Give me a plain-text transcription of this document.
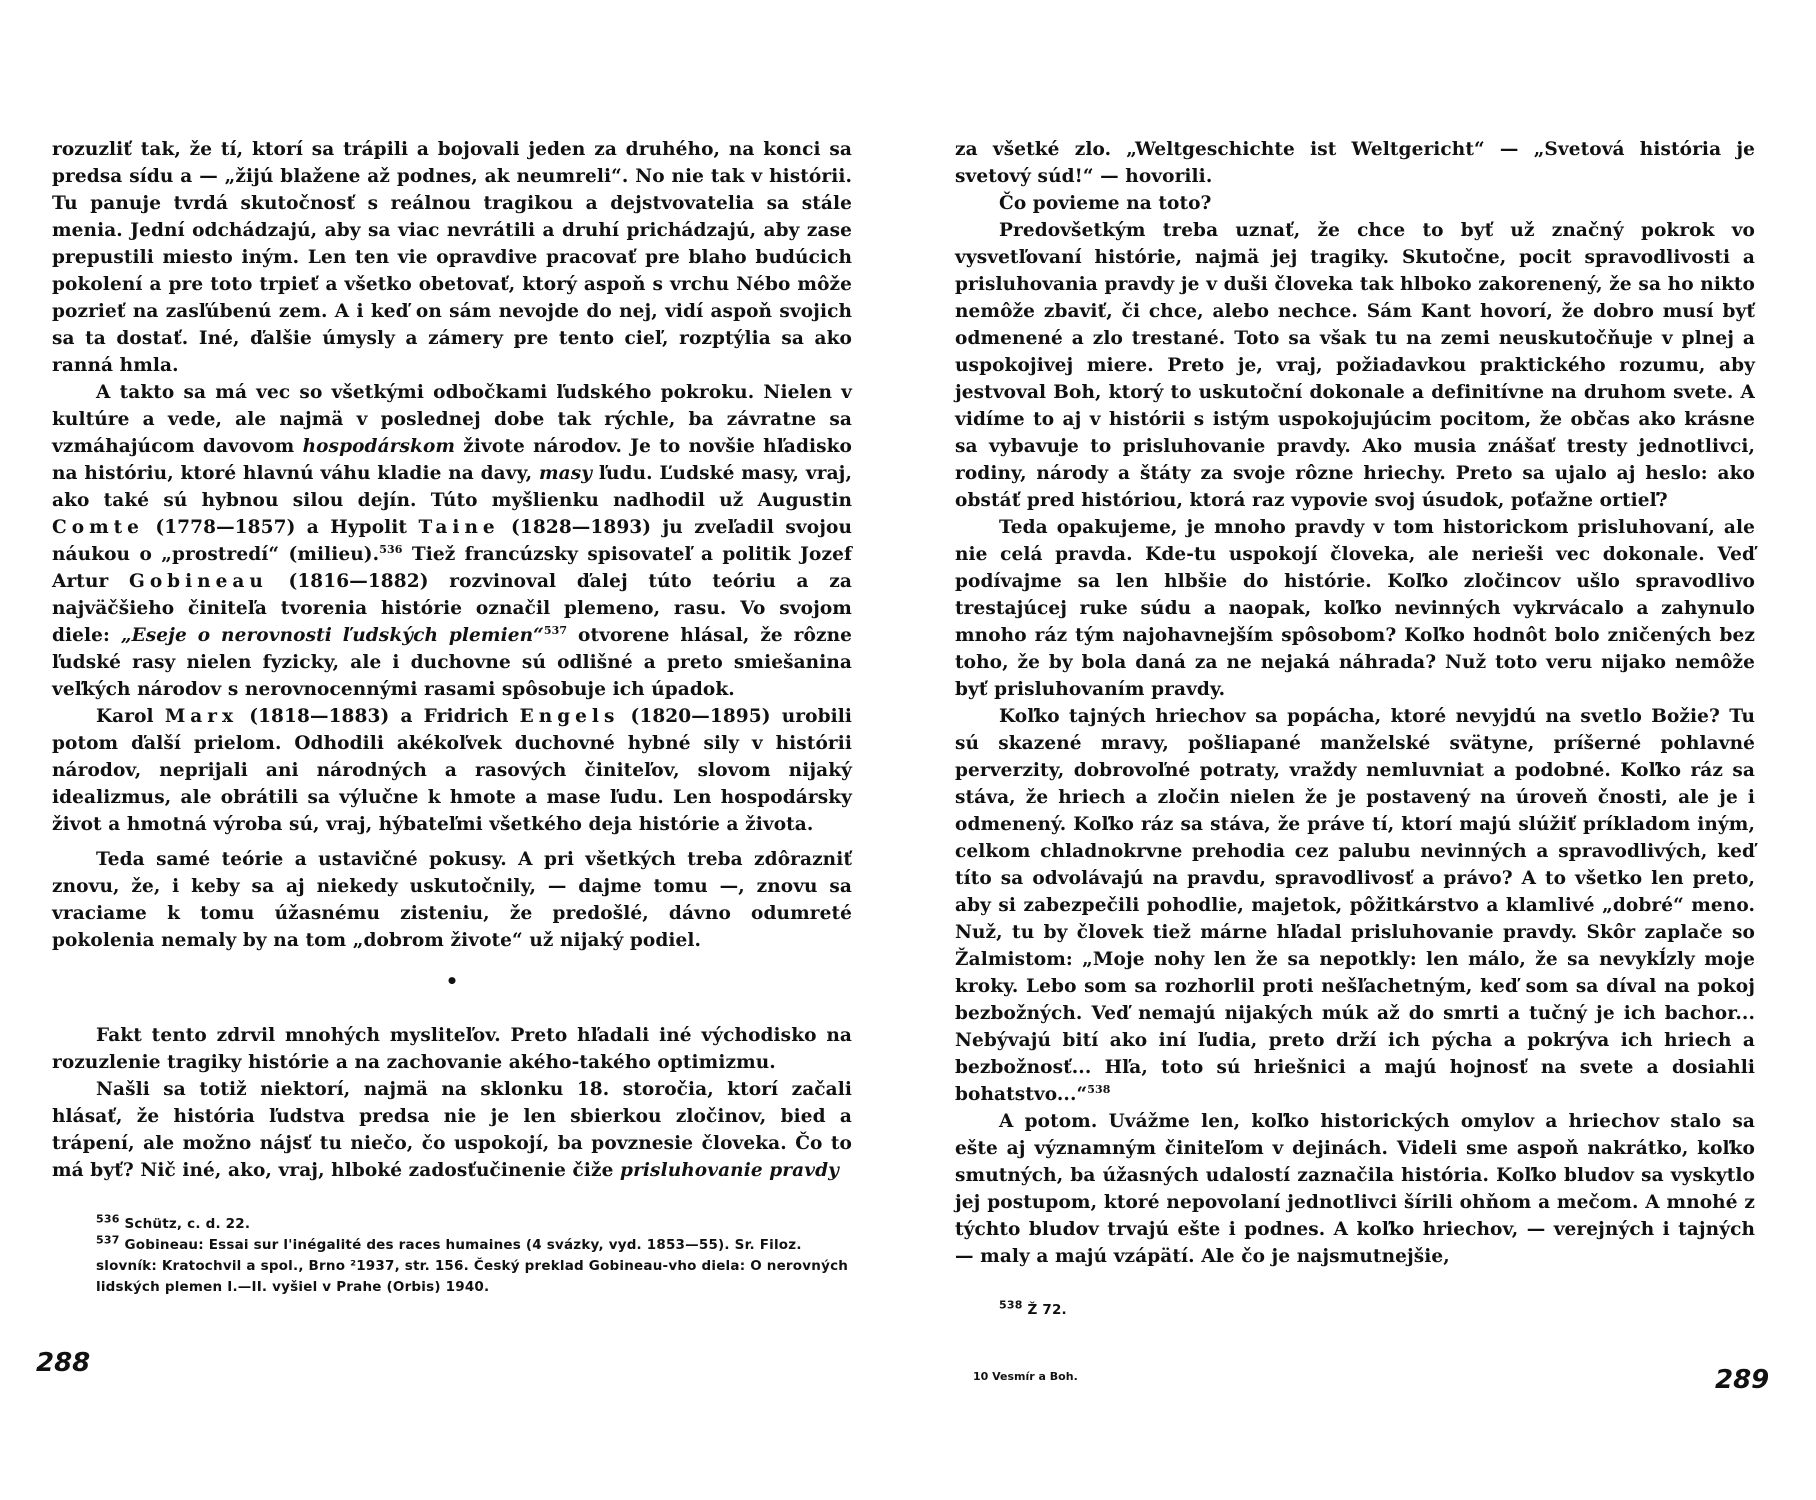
rozuzliť tak, že tí, ktorí sa trápili a bojovali jeden za druhého, na konci sa predsa sídu a — „žijú blažene až podnes, ak neumreli“. No nie tak v histórii. Tu panuje tvrdá skutočnosť s reálnou tragikou a dejstvovatelia sa stále menia. Jední odchádzajú, aby sa viac nevrátili a druhí prichádzajú, aby zase prepustili miesto iným. Len ten vie opravdive pracovať pre blaho budúcich pokolení a pre toto trpieť a všetko obetovať, ktorý aspoň s vrchu Nébo môže pozrieť na zasľúbenú zem. A i keď on sám nevojde do nej, vidí aspoň svojich sa ta dostať. Iné, ďalšie úmysly a zámery pre tento cieľ, rozptýlia sa ako ranná hmla.

A takto sa má vec so všetkými odbočkami ľudského pokroku. Nielen v kultúre a vede, ale najmä v poslednej dobe tak rýchle, ba závratne sa vzmáhajúcom davovom hospodárskom živote národov. Je to novšie hľadisko na históriu, ktoré hlavnú váhu kladie na davy, masy ľudu. Ľudské masy, vraj, ako také sú hybnou silou dejín. Túto myšlienku nadhodil už Augustin Comte (1778—1857) a Hypolit Taine (1828—1893) ju zveľadil svojou náukou o „prostredí“ (milieu).$^{536}$ Tiež francúzsky spisovateľ a politik Jozef Artur Gobineau (1816—1882) rozvinoval ďalej túto teóriu a za najväčšieho činiteľa tvorenia histórie označil plemeno, rasu. Vo svojom diele: „Eseje o nerovnosti ľudských plemien“$^{537}$ otvorene hlásal, že rôzne ľudské rasy nielen fyzicky, ale i duchovne sú odlišné a preto smiešanina veľkých národov s nerovnocennými rasami spôsobuje ich úpadok.

Karol Marx (1818—1883) a Fridrich Engels (1820—1895) urobili potom ďalší prielom. Odhodili akékoľvek duchovné hybné sily v histórii národov, neprijali ani národných a rasových činiteľov, slovom nijaký idealizmus, ale obrátili sa výlučne k hmote a mase ľudu. Len hospodársky život a hmotná výroba sú, vraj, hýbateľmi všetkého deja histórie a života.

Teda samé teórie a ustavičné pokusy. A pri všetkých treba zdôrazniť znovu, že, i keby sa aj niekedy uskutočnily, — dajme tomu —, znovu sa vraciame k tomu úžasnému zisteniu, že predošlé, dávno odumreté pokolenia nemaly by na tom „dobrom živote“ už nijaký podiel.

•

Fakt tento zdrvil mnohých mysliteľov. Preto hľadali iné východisko na rozuzlenie tragiky histórie a na zachovanie akého-takého optimizmu.

Našli sa totiž niektorí, najmä na sklonku 18. storočia, ktorí začali hlásať, že história ľudstva predsa nie je len sbierkou zločinov, bied a trápení, ale možno nájsť tu niečo, čo uspokojí, ba povznesie človeka. Čo to má byť? Nič iné, ako, vraj, hlboké zadosťučinenie čiže prisluhovanie pravdy

$^{536}$ Schütz, c. d. 22.

$^{537}$ Gobineau: Essai sur l'inégalité des races humaines (4 svázky, vyd. 1853—55). Sr. Filoz. slovník: Kratochvil a spol., Brno ²1937, str. 156. Český preklad Gobineau-vho diela: O nerovných lidských plemen I.—II. vyšiel v Prahe (Orbis) 1940.

288

za všetké zlo. „Weltgeschichte ist Weltgericht“ — „Svetová história je svetový súd!“ — hovorili.

Čo povieme na toto?

Predovšetkým treba uznať, že chce to byť už značný pokrok vo vysvetľovaní histórie, najmä jej tragiky. Skutočne, pocit spravodlivosti a prisluhovania pravdy je v duši človeka tak hlboko zakorenený, že sa ho nikto nemôže zbaviť, či chce, alebo nechce. Sám Kant hovorí, že dobro musí byť odmenené a zlo trestané. Toto sa však tu na zemi neuskutočňuje v plnej a uspokojivej miere. Preto je, vraj, požiadavkou praktického rozumu, aby jestvoval Boh, ktorý to uskutoční dokonale a definitívne na druhom svete. A vidíme to aj v histórii s istým uspokojujúcim pocitom, že občas ako krásne sa vybavuje to prisluhovanie pravdy. Ako musia znášať tresty jednotlivci, rodiny, národy a štáty za svoje rôzne hriechy. Preto sa ujalo aj heslo: ako obstáť pred históriou, ktorá raz vypovie svoj úsudok, poťažne ortieľ?

Teda opakujeme, je mnoho pravdy v tom historickom prisluhovaní, ale nie celá pravda. Kde-tu uspokojí človeka, ale nerieši vec dokonale. Veď podívajme sa len hlbšie do histórie. Koľko zločincov ušlo spravodlivo trestajúcej ruke súdu a naopak, koľko nevinných vykrvácalo a zahynulo mnoho ráz tým najohavnejším spôsobom? Koľko hodnôt bolo zničených bez toho, že by bola daná za ne nejaká náhrada? Nuž toto veru nijako nemôže byť prisluhovaním pravdy.

Koľko tajných hriechov sa popácha, ktoré nevyjdú na svetlo Božie? Tu sú skazené mravy, pošliapané manželské svätyne, príšerné pohlavné perverzity, dobrovoľné potraty, vraždy nemluvniat a podobné. Koľko ráz sa stáva, že hriech a zločin nielen že je postavený na úroveň čnosti, ale je i odmenený. Koľko ráz sa stáva, že práve tí, ktorí majú slúžiť príkladom iným, celkom chladnokrvne prehodia cez palubu nevinných a spravodlivých, keď títo sa odvolávajú na pravdu, spravodlivosť a právo? A to všetko len preto, aby si zabezpečili pohodlie, majetok, pôžitkárstvo a klamlivé „dobré“ meno. Nuž, tu by človek tiež márne hľadal prisluhovanie pravdy. Skôr zaplače so Žalmistom: „Moje nohy len že sa nepotkly: len málo, že sa nevykĺzly moje kroky. Lebo som sa rozhorlil proti nešľachetným, keď som sa díval na pokoj bezbožných. Veď nemajú nijakých múk až do smrti a tučný je ich bachor... Nebývajú bití ako iní ľudia, preto drží ich pýcha a pokrýva ich hriech a bezbožnosť... Hľa, toto sú hriešnici a majú hojnosť na svete a dosiahli bohatstvo...“$^{538}$

A potom. Uvážme len, koľko historických omylov a hriechov stalo sa ešte aj významným činiteľom v dejinách. Videli sme aspoň nakrátko, koľko smutných, ba úžasných udalostí zaznačila história. Koľko bludov sa vyskytlo jej postupom, ktoré nepovolaní jednotlivci šírili ohňom a mečom. A mnohé z týchto bludov trvajú ešte i podnes. A koľko hriechov, — verejných i tajných — maly a majú vzápätí. Ale čo je najsmutnejšie,

$^{538}$ Ž 72.

10 Vesmír a Boh.	289
